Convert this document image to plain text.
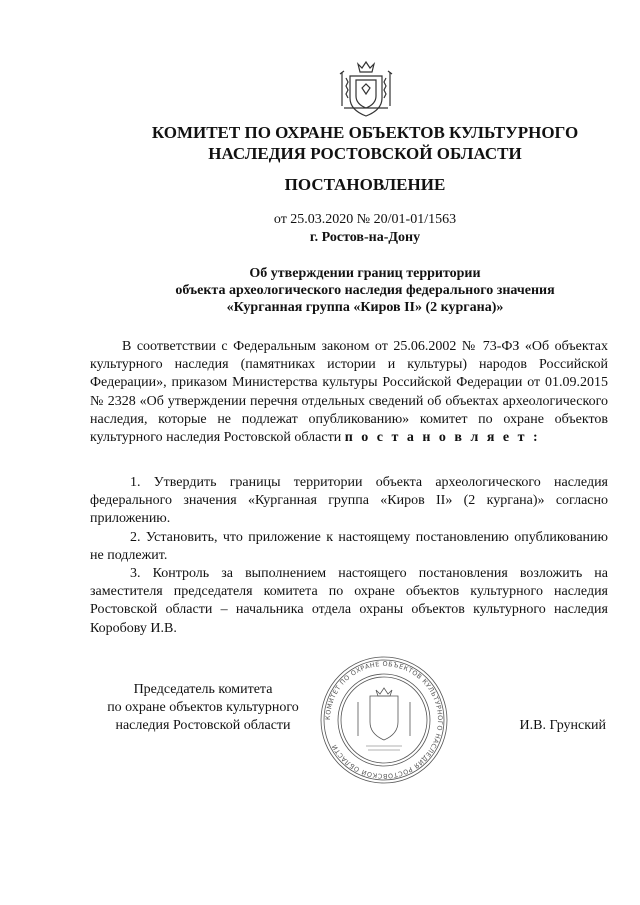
КОМИТЕТ ПО ОХРАНЕ ОБЪЕКТОВ КУЛЬТУРНОГО
НАСЛЕДИЯ РОСТОВСКОЙ ОБЛАСТИ
ПОСТАНОВЛЕНИЕ
от 25.03.2020 № 20/01-01/1563
г. Ростов-на-Дону
Об утверждении границ территории
объекта археологического наследия федерального значения
«Курганная группа «Киров II» (2 кургана)»
В соответствии с Федеральным законом от 25.06.2002 № 73-ФЗ «Об объектах культурного наследия (памятниках истории и культуры) народов Российской Федерации», приказом Министерства культуры Российской Федерации от 01.09.2015 № 2328 «Об утверждении перечня отдельных сведений об объектах археологического наследия, которые не подлежат опубликованию» комитет по охране объектов культурного наследия Ростовской области п о с т а н о в л я е т :

1. Утвердить границы территории объекта археологического наследия федерального значения «Курганная группа «Киров II» (2 кургана)» согласно приложению.

2. Установить, что приложение к настоящему постановлению опубликованию не подлежит.

3. Контроль за выполнением настоящего постановления возложить на заместителя председателя комитета по охране объектов культурного наследия Ростовской области – начальника отдела охраны объектов культурного наследия Коробову И.В.

Председатель комитета
по охране объектов культурного
наследия Ростовской области
КОМИТЕТ ПО ОХРАНЕ ОБЪЕКТОВ КУЛЬТУРНОГО НАСЛЕДИЯ РОСТОВСКОЙ ОБЛАСТИ
И.В. Грунский
